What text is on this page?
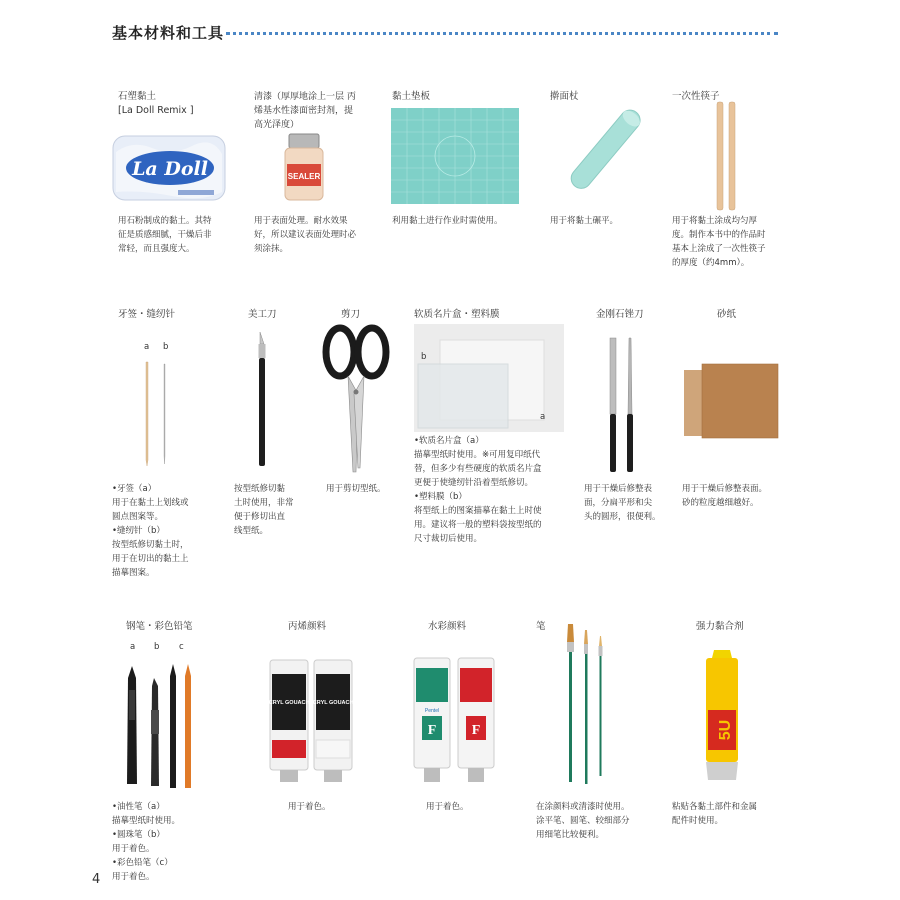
基本材料和工具
石塑黏土
[La Doll Remix ]
La Doll

用石粉制成的黏土。其特

征是质感细腻，干燥后非

常轻，而且强度大。

清漆（厚厚地涂上一层 丙

烯基水性漆面密封剂，提

高光泽度）

SEALER

用于表面处理。耐水效果

好，所以建议表面处理时必

须涂抹。

黏土垫板
利用黏土进行作业时需使用。
擀面杖
用于将黏土碾平。
一次性筷子

用于将黏土涂成均匀厚

度。制作本书中的作品时

基本上涂成了一次性筷子

的厚度（约4mm）。

牙签・缝纫针
a b

•牙签（a）

用于在黏土上划线或

圆点图案等。

•缝纫针（b）

按型纸修切黏土时，

用于在切出的黏土上

描摹图案。

美工刀

按型纸修切黏

土时使用，非常

便于修切出直

线型纸。

剪刀
用于剪切型纸。
软质名片盒・塑料膜
b
a

•软质名片盒（a）

描摹型纸时使用。※可用复印纸代

替，但多少有些硬度的软质名片盒

更便于使缝纫针沿着型纸修切。

•塑料膜（b）

将型纸上的图案描摹在黏土上时使

用。建议将一般的塑料袋按型纸的

尺寸裁切后使用。

金刚石锉刀

用于干燥后修整表

面，分扁平形和尖

头的圆形，很便利。

砂纸

用于干燥后修整表面。

砂的粒度越细越好。

钢笔・彩色铅笔
a b c

•油性笔（a）

描摹型纸时使用。

•圆珠笔（b）

用于着色。

•彩色铅笔（c）

用于着色。

丙烯颜料
ACRYL GOUACHE
ACRYL GOUACHE
用于着色。
水彩颜料
Pentel
F	F
用于着色。
笔

在涂颜料或清漆时使用。

涂平笔、圆笔、较细部分

用细笔比较便利。

强力黏合剂
5U

粘贴各黏土部件和金属

配件时使用。

4
